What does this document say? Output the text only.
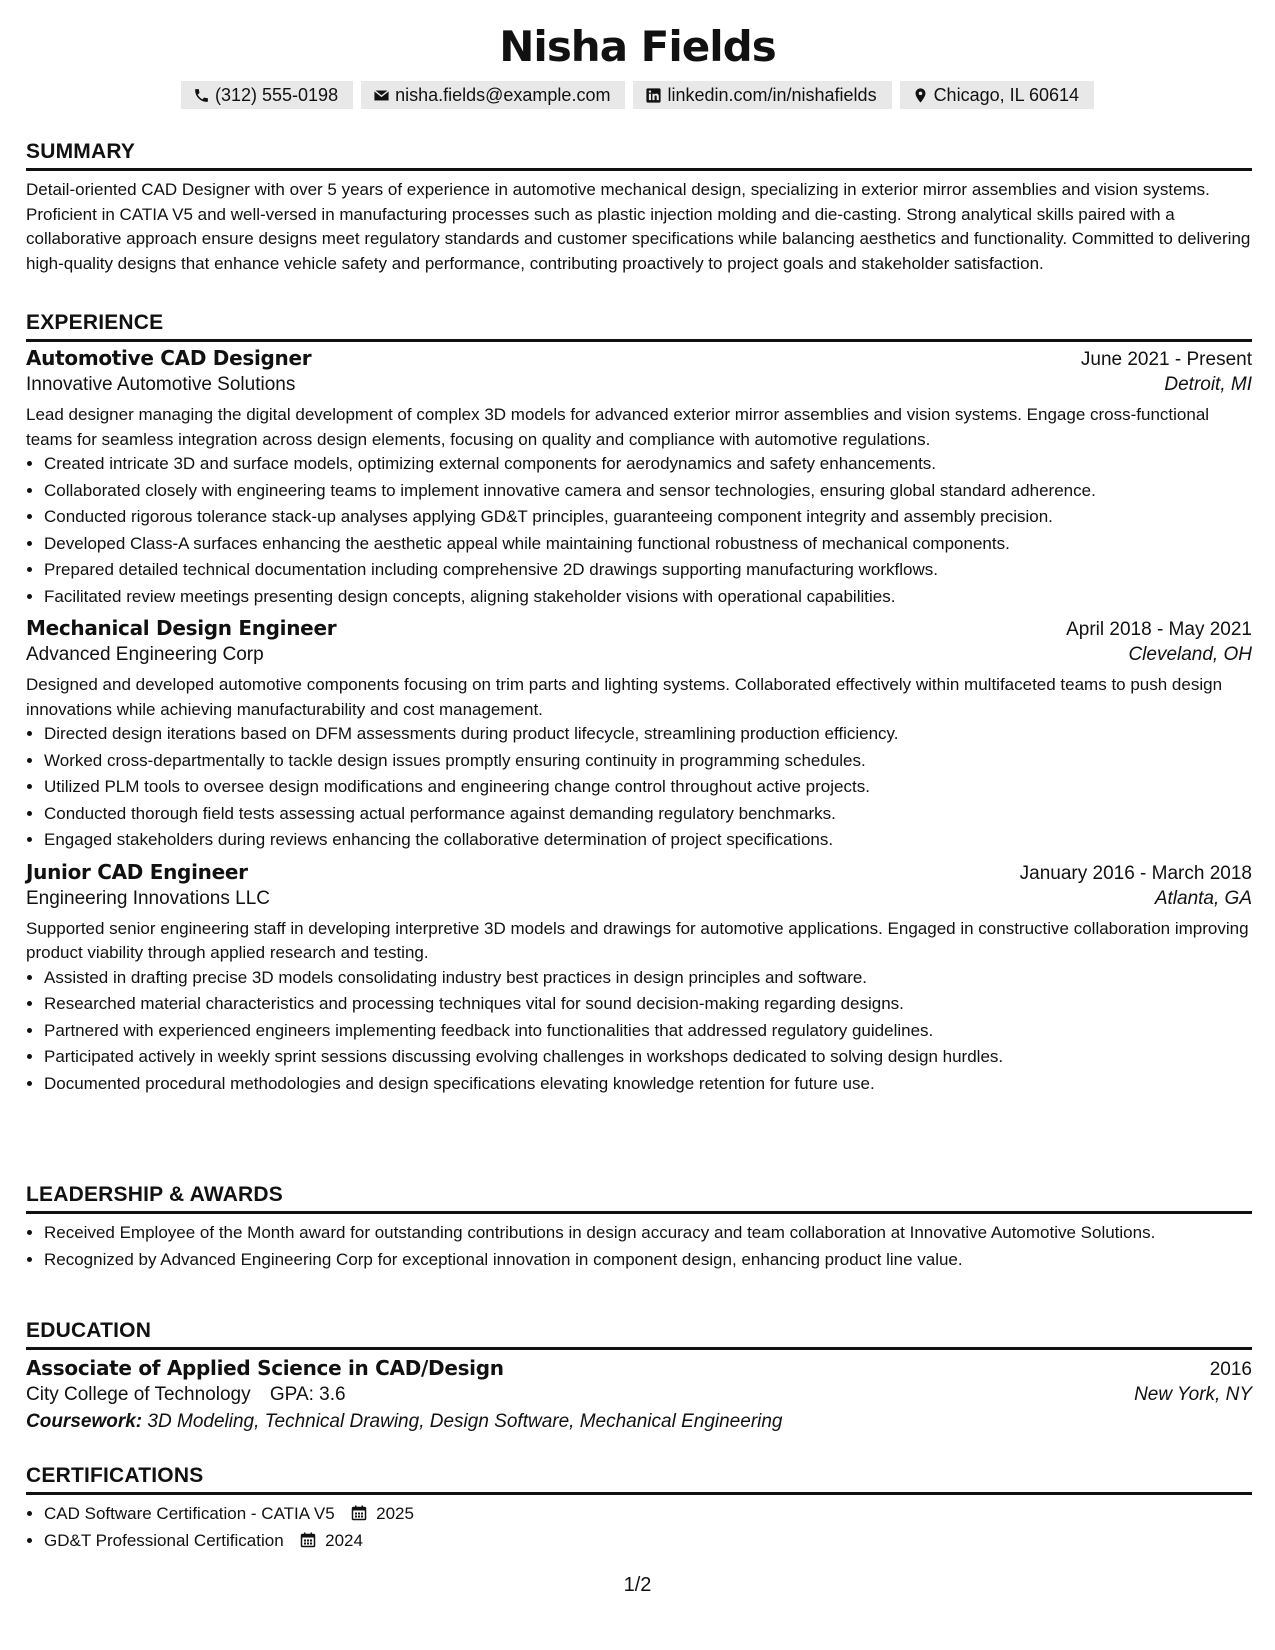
Nisha Fields
(312) 555-0198	nisha.fields@example.com	linkedin.com/in/nishafields	Chicago, IL 60614
SUMMARY

Detail-oriented CAD Designer with over 5 years of experience in automotive mechanical design, specializing in exterior mirror assemblies and vision systems. Proficient in CATIA V5 and well-versed in manufacturing processes such as plastic injection molding and die-casting. Strong analytical skills paired with a collaborative approach ensure designs meet regulatory standards and customer specifications while balancing aesthetics and functionality. Committed to delivering high-quality designs that enhance vehicle safety and performance, contributing proactively to project goals and stakeholder satisfaction.

EXPERIENCE
Automotive CAD Designer	June 2021 - Present
Innovative Automotive Solutions	Detroit, MI

Lead designer managing the digital development of complex 3D models for advanced exterior mirror assemblies and vision systems. Engage cross-functional teams for seamless integration across design elements, focusing on quality and compliance with automotive regulations.

• Created intricate 3D and surface models, optimizing external components for aerodynamics and safety enhancements.
• Collaborated closely with engineering teams to implement innovative camera and sensor technologies, ensuring global standard adherence.
• Conducted rigorous tolerance stack-up analyses applying GD&T principles, guaranteeing component integrity and assembly precision.
• Developed Class-A surfaces enhancing the aesthetic appeal while maintaining functional robustness of mechanical components.
• Prepared detailed technical documentation including comprehensive 2D drawings supporting manufacturing workflows.
• Facilitated review meetings presenting design concepts, aligning stakeholder visions with operational capabilities.
Mechanical Design Engineer	April 2018 - May 2021
Advanced Engineering Corp	Cleveland, OH

Designed and developed automotive components focusing on trim parts and lighting systems. Collaborated effectively within multifaceted teams to push design innovations while achieving manufacturability and cost management.

• Directed design iterations based on DFM assessments during product lifecycle, streamlining production efficiency.
• Worked cross-departmentally to tackle design issues promptly ensuring continuity in programming schedules.
• Utilized PLM tools to oversee design modifications and engineering change control throughout active projects.
• Conducted thorough field tests assessing actual performance against demanding regulatory benchmarks.
• Engaged stakeholders during reviews enhancing the collaborative determination of project specifications.
Junior CAD Engineer	January 2016 - March 2018
Engineering Innovations LLC	Atlanta, GA

Supported senior engineering staff in developing interpretive 3D models and drawings for automotive applications. Engaged in constructive collaboration improving product viability through applied research and testing.

• Assisted in drafting precise 3D models consolidating industry best practices in design principles and software.
• Researched material characteristics and processing techniques vital for sound decision-making regarding designs.
• Partnered with experienced engineers implementing feedback into functionalities that addressed regulatory guidelines.
• Participated actively in weekly sprint sessions discussing evolving challenges in workshops dedicated to solving design hurdles.
• Documented procedural methodologies and design specifications elevating knowledge retention for future use.
LEADERSHIP & AWARDS
• Received Employee of the Month award for outstanding contributions in design accuracy and team collaboration at Innovative Automotive Solutions.
• Recognized by Advanced Engineering Corp for exceptional innovation in component design, enhancing product line value.
EDUCATION
Associate of Applied Science in CAD/Design	2016
City College of Technology GPA: 3.6	New York, NY
Coursework: 3D Modeling, Technical Drawing, Design Software, Mechanical Engineering
CERTIFICATIONS
• CAD Software Certification - CATIA V5 2025
• GD&T Professional Certification 2024
1/2
